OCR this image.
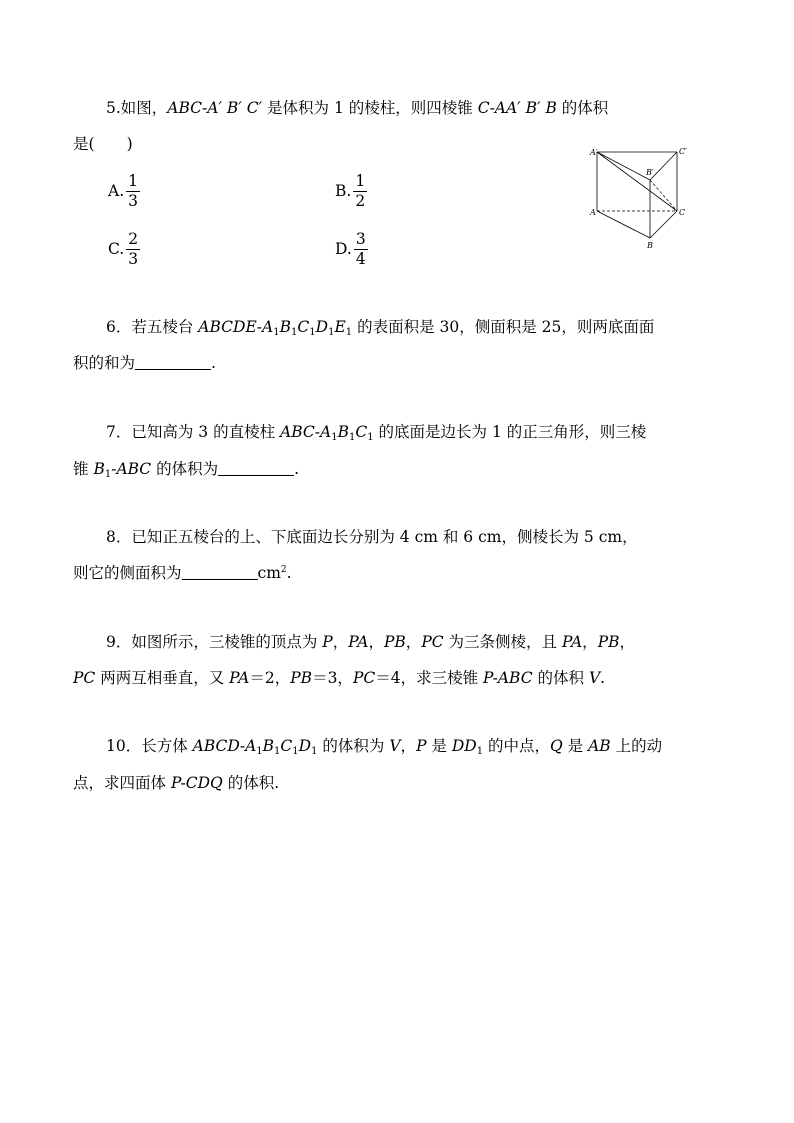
5.如图，ABC-A′ B′ C′ 是体积为 1 的棱柱，则四棱锥 C-AA′ B′ B 的体积
是( )
A. $\frac{1}{3}$	B. $\frac{1}{2}$
C. $\frac{2}{3}$	D. $\frac{3}{4}$
A′	C′
B′
A	C
B
6．若五棱台 ABCDE-$A_1B_1C_1D_1E_1$ 的表面积是 30，侧面积是 25，则两底面面
积的和为	.
7．已知高为 3 的直棱柱 ABC-$A_1B_1C_1$ 的底面是边长为 1 的正三角形，则三棱
锥 $B_1$-ABC 的体积为	.
8．已知正五棱台的上、下底面边长分别为 4 cm 和 6 cm，侧棱长为 5 cm，
则它的侧面积为	$cm^2$.
9．如图所示，三棱锥的顶点为 P，PA，PB，PC 为三条侧棱，且 PA，PB，
PC 两两互相垂直，又 PA＝2，PB＝3，PC＝4，求三棱锥 P-ABC 的体积 V.
10．长方体 ABCD-$A_1B_1C_1D_1$ 的体积为 V，P 是 $DD_1$ 的中点，Q 是 AB 上的动
点，求四面体 P-CDQ 的体积.
